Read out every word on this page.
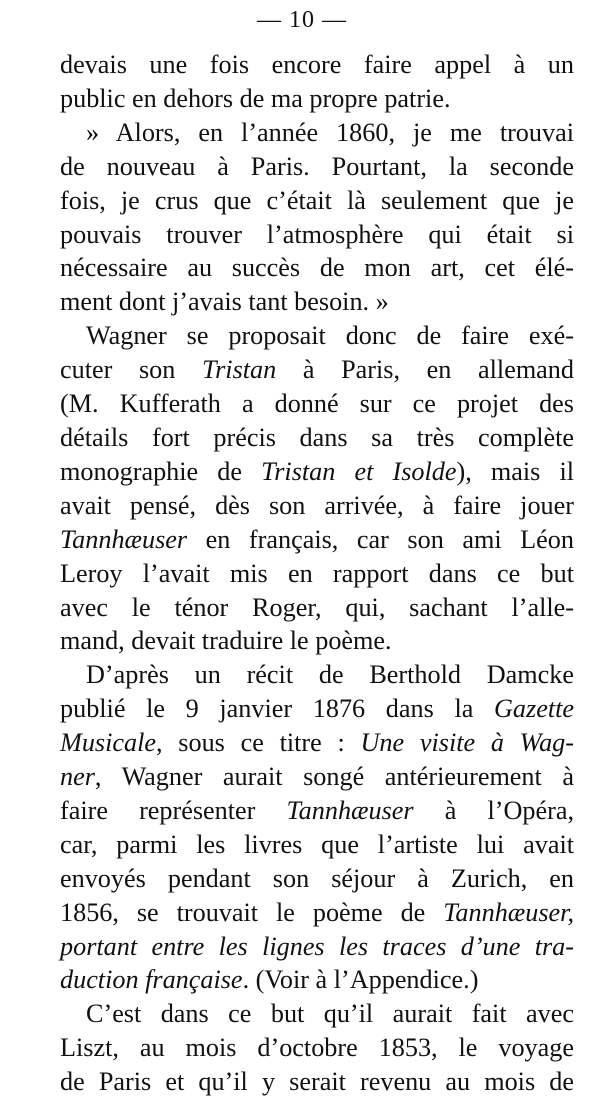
— 10 —
devais une fois encore faire appel à un
public en dehors de ma propre patrie.
» Alors, en l’année 1860, je me trouvai
de nouveau à Paris. Pourtant, la seconde
fois, je crus que c’était là seulement que je
pouvais trouver l’atmosphère qui était si
nécessaire au succès de mon art, cet élé-
ment dont j’avais tant besoin. »
Wagner se proposait donc de faire exé-
cuter son Tristan à Paris, en allemand
(M. Kufferath a donné sur ce projet des
détails fort précis dans sa très complète
monographie de Tristan et Isolde), mais il
avait pensé, dès son arrivée, à faire jouer
Tannhæuser en français, car son ami Léon
Leroy l’avait mis en rapport dans ce but
avec le ténor Roger, qui, sachant l’alle-
mand, devait traduire le poème.
D’après un récit de Berthold Damcke
publié le 9 janvier 1876 dans la Gazette
Musicale, sous ce titre : Une visite à Wag-
ner, Wagner aurait songé antérieurement à
faire représenter Tannhæuser à l’Opéra,
car, parmi les livres que l’artiste lui avait
envoyés pendant son séjour à Zurich, en
1856, se trouvait le poème de Tannhæuser,
portant entre les lignes les traces d’une tra-
duction française. (Voir à l’Appendice.)
C’est dans ce but qu’il aurait fait avec
Liszt, au mois d’octobre 1853, le voyage
de Paris et qu’il y serait revenu au mois de
